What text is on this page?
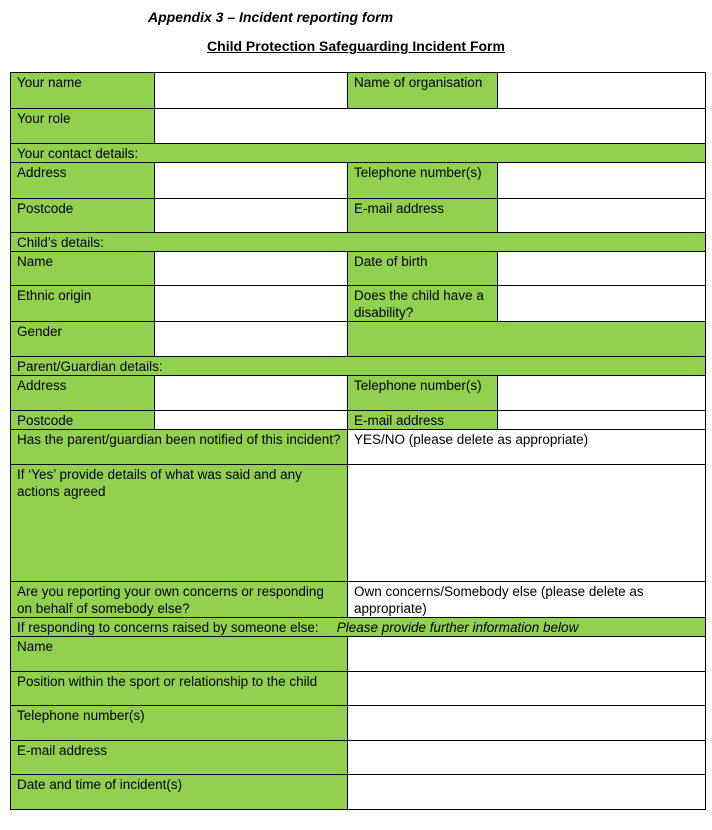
Appendix 3 – Incident reporting form
Child Protection Safeguarding Incident Form
Your name		Name of organisation	
Your role			
Your contact details:			
Address		Telephone number(s)	
Postcode		E-mail address	
Child’s details:			
Name		Date of birth	
Ethnic origin		Does the child have a disability?	
Gender			
Parent/Guardian details:			
Address		Telephone number(s)	
Postcode		E-mail address	
Has the parent/guardian been notified of this incident?		YES/NO (please delete as appropriate)	
If ‘Yes’ provide details of what was said and any actions agreed			
Are you reporting your own concerns or responding on behalf of somebody else?		Own concerns/Somebody else (please delete as appropriate)	
If responding to concerns raised by someone else: Please provide further information below			
Name			
Position within the sport or relationship to the child			
Telephone number(s)			
E-mail address			
Date and time of incident(s)			
